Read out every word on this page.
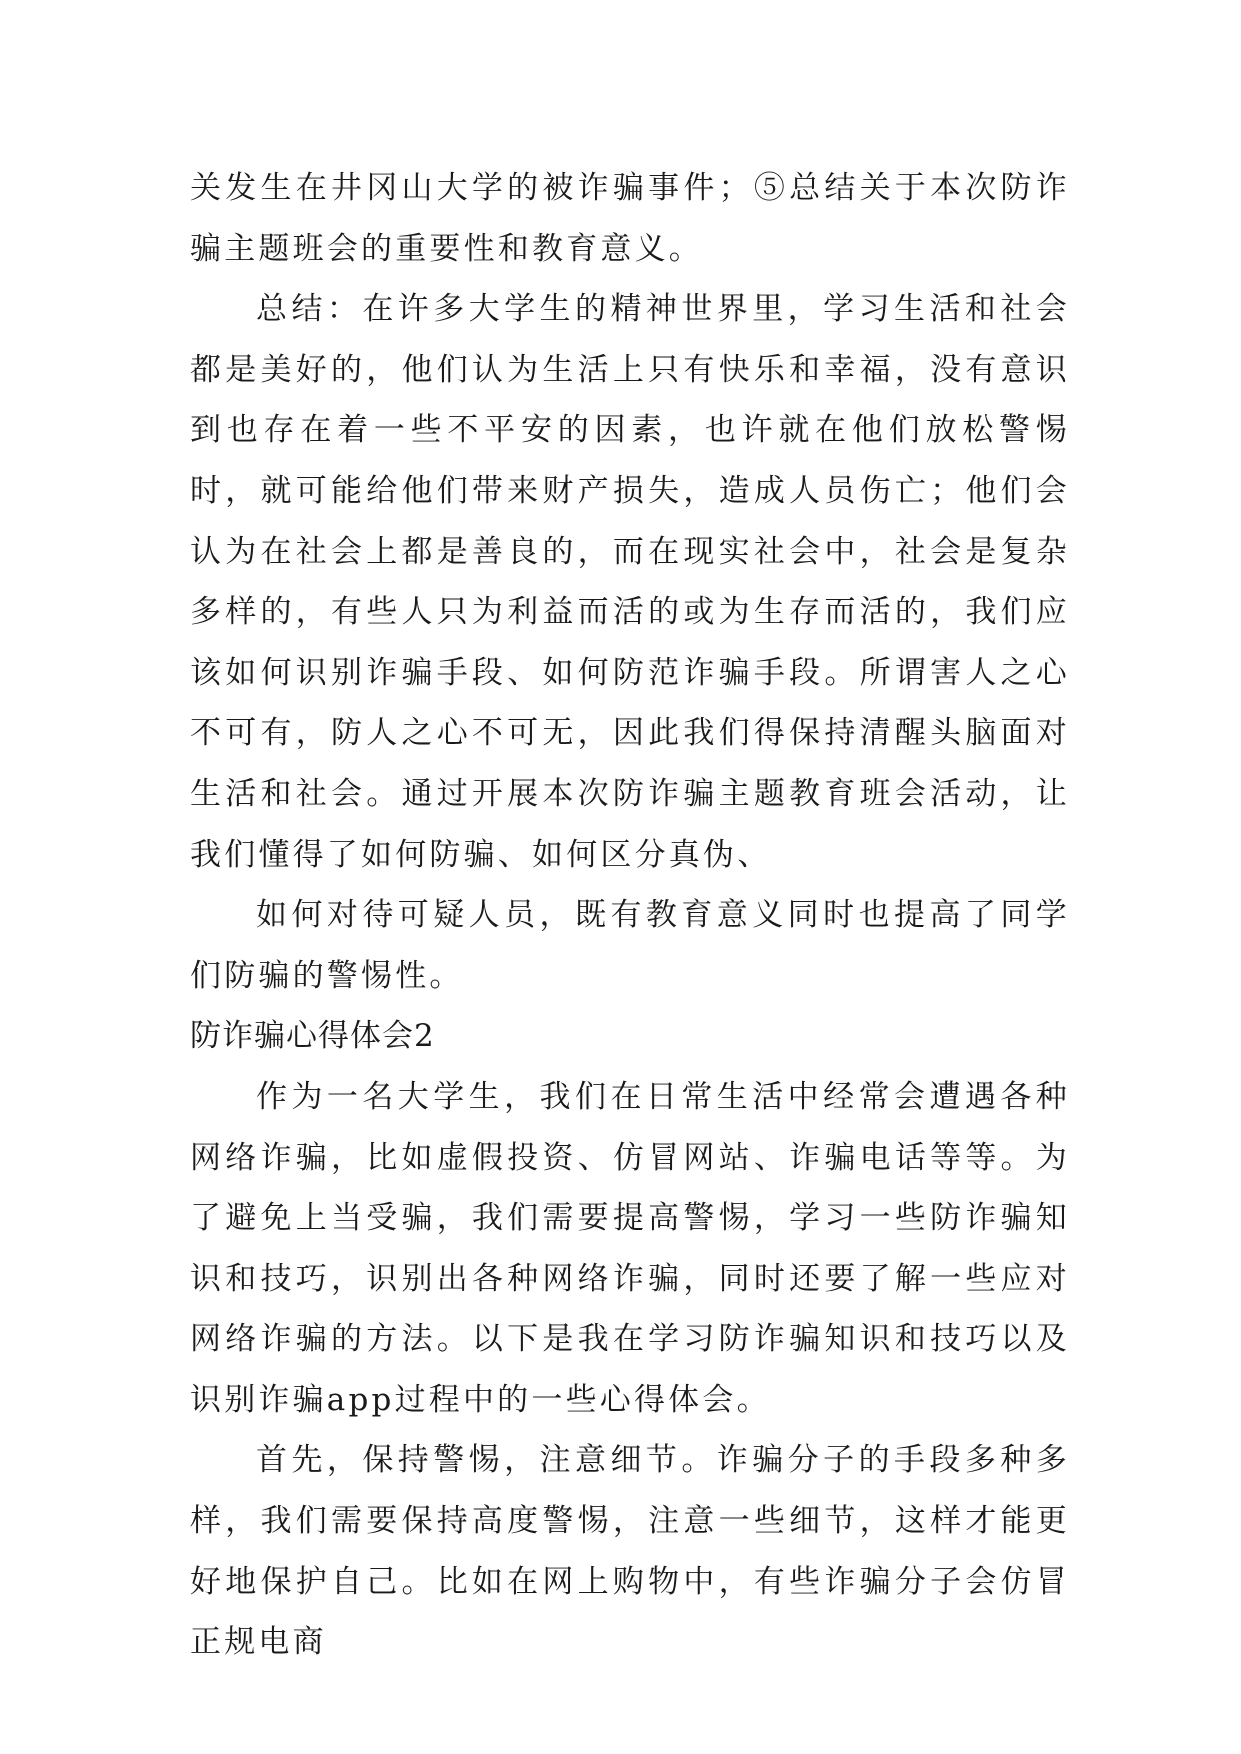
关发生在井冈山大学的被诈骗事件；⑤总结关于本次防诈骗主题班会的重要性和教育意义。

总结：在许多大学生的精神世界里，学习生活和社会都是美好的，他们认为生活上只有快乐和幸福，没有意识到也存在着一些不平安的因素，也许就在他们放松警惕时，就可能给他们带来财产损失，造成人员伤亡；他们会认为在社会上都是善良的，而在现实社会中，社会是复杂多样的，有些人只为利益而活的或为生存而活的，我们应该如何识别诈骗手段、如何防范诈骗手段。所谓害人之心不可有，防人之心不可无，因此我们得保持清醒头脑面对生活和社会。通过开展本次防诈骗主题教育班会活动，让我们懂得了如何防骗、如何区分真伪、

如何对待可疑人员，既有教育意义同时也提高了同学们防骗的警惕性。

防诈骗心得体会2

作为一名大学生，我们在日常生活中经常会遭遇各种网络诈骗，比如虚假投资、仿冒网站、诈骗电话等等。为了避免上当受骗，我们需要提高警惕，学习一些防诈骗知识和技巧，识别出各种网络诈骗，同时还要了解一些应对网络诈骗的方法。以下是我在学习防诈骗知识和技巧以及识别诈骗app过程中的一些心得体会。

首先，保持警惕，注意细节。诈骗分子的手段多种多样，我们需要保持高度警惕，注意一些细节，这样才能更好地保护自己。比如在网上购物中，有些诈骗分子会仿冒正规电商
